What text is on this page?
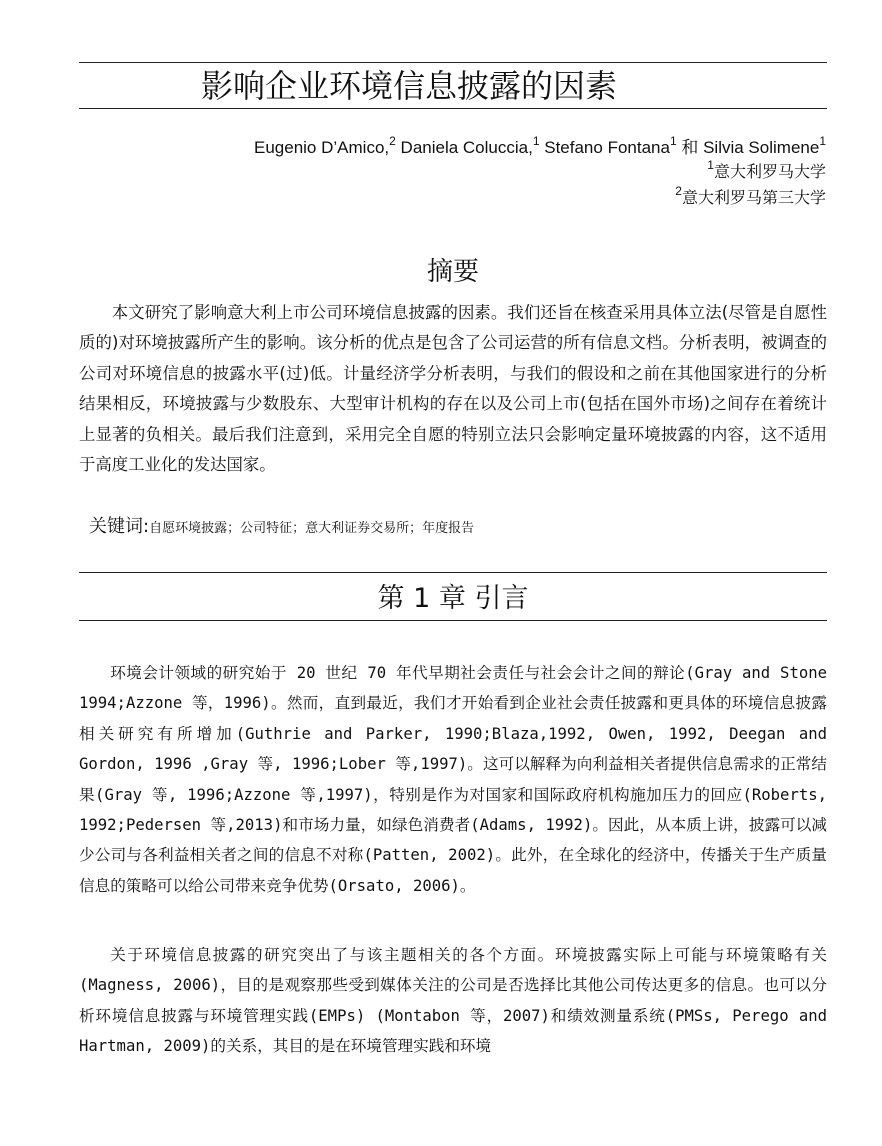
影响企业环境信息披露的因素
Eugenio D’Amico,$^2$ Daniela Coluccia,$^1$ Stefano Fontana$^1$ 和 Silvia Solimene$^1$
$^1$意大利罗马大学
$^2$意大利罗马第三大学
摘要

本文研究了影响意大利上市公司环境信息披露的因素。我们还旨在核查采用具体立法(尽管是自愿性质的)对环境披露所产生的影响。该分析的优点是包含了公司运营的所有信息文档。分析表明，被调查的公司对环境信息的披露水平(过)低。计量经济学分析表明，与我们的假设和之前在其他国家进行的分析结果相反，环境披露与少数股东、大型审计机构的存在以及公司上市(包括在国外市场)之间存在着统计上显著的负相关。最后我们注意到，采用完全自愿的特别立法只会影响定量环境披露的内容，这不适用于高度工业化的发达国家。

关键词:自愿环境披露；公司特征；意大利证券交易所；年度报告
第 1 章 引言

环境会计领域的研究始于 20 世纪 70 年代早期社会责任与社会会计之间的辩论(Gray and Stone 1994;Azzone 等，1996)。然而，直到最近，我们才开始看到企业社会责任披露和更具体的环境信息披露相关研究有所增加(Guthrie and Parker, 1990;Blaza,1992, Owen, 1992, Deegan and Gordon, 1996 ,Gray 等, 1996;Lober 等,1997)。这可以解释为向利益相关者提供信息需求的正常结果(Gray 等, 1996;Azzone 等,1997)，特别是作为对国家和国际政府机构施加压力的回应(Roberts, 1992;Pedersen 等,2013)和市场力量，如绿色消费者(Adams, 1992)。因此，从本质上讲，披露可以减少公司与各利益相关者之间的信息不对称(Patten, 2002)。此外，在全球化的经济中，传播关于生产质量信息的策略可以给公司带来竞争优势(Orsato, 2006)。

关于环境信息披露的研究突出了与该主题相关的各个方面。环境披露实际上可能与环境策略有关(Magness, 2006)，目的是观察那些受到媒体关注的公司是否选择比其他公司传达更多的信息。也可以分析环境信息披露与环境管理实践(EMPs) (Montabon 等，2007)和绩效测量系统(PMSs, Perego and Hartman, 2009)的关系，其目的是在环境管理实践和环境
